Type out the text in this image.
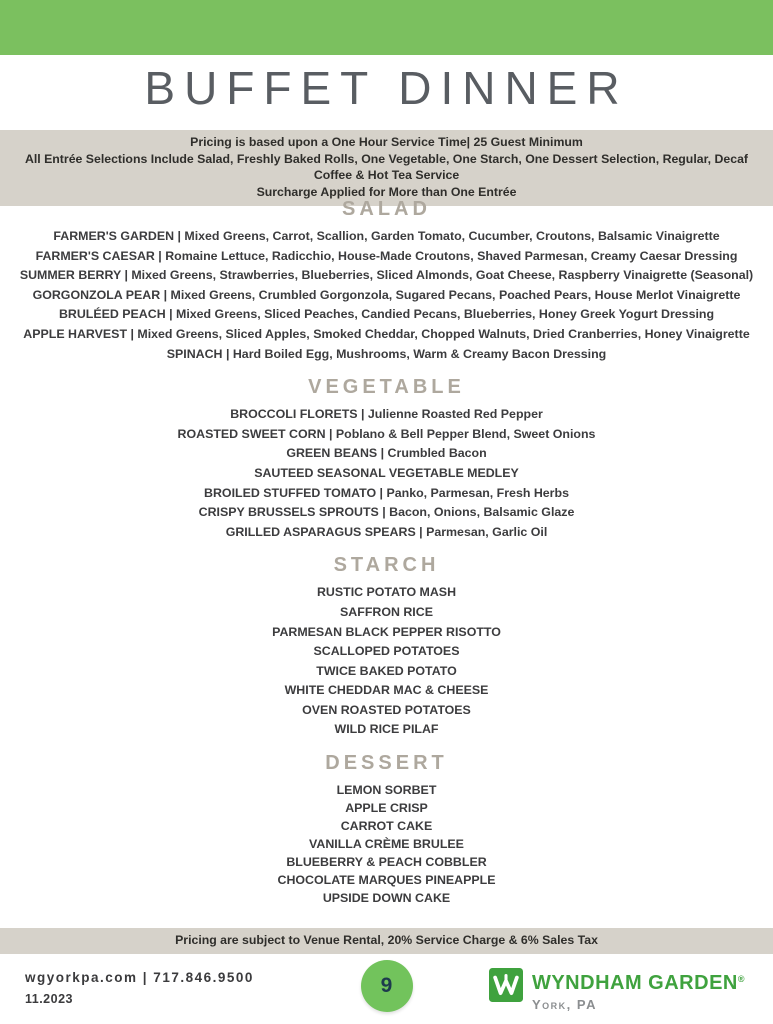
BUFFET DINNER

Pricing is based upon a One Hour Service Time| 25 Guest Minimum

All Entrée Selections Include Salad, Freshly Baked Rolls, One Vegetable, One Starch, One Dessert Selection, Regular, Decaf Coffee & Hot Tea Service

Surcharge Applied for More than One Entrée

SALAD

FARMER'S GARDEN | Mixed Greens, Carrot, Scallion, Garden Tomato, Cucumber, Croutons, Balsamic Vinaigrette

FARMER'S CAESAR | Romaine Lettuce, Radicchio, House-Made Croutons, Shaved Parmesan, Creamy Caesar Dressing

SUMMER BERRY | Mixed Greens, Strawberries, Blueberries, Sliced Almonds, Goat Cheese, Raspberry Vinaigrette (Seasonal)

GORGONZOLA PEAR | Mixed Greens, Crumbled Gorgonzola, Sugared Pecans, Poached Pears, House Merlot Vinaigrette

BRULÉED PEACH | Mixed Greens, Sliced Peaches, Candied Pecans, Blueberries, Honey Greek Yogurt Dressing

APPLE HARVEST | Mixed Greens, Sliced Apples, Smoked Cheddar, Chopped Walnuts, Dried Cranberries, Honey Vinaigrette

SPINACH | Hard Boiled Egg, Mushrooms, Warm & Creamy Bacon Dressing

VEGETABLE

BROCCOLI FLORETS | Julienne Roasted Red Pepper

ROASTED SWEET CORN | Poblano & Bell Pepper Blend, Sweet Onions

GREEN BEANS | Crumbled Bacon

SAUTEED SEASONAL VEGETABLE MEDLEY

BROILED STUFFED TOMATO | Panko, Parmesan, Fresh Herbs

CRISPY BRUSSELS SPROUTS | Bacon, Onions, Balsamic Glaze

GRILLED ASPARAGUS SPEARS | Parmesan, Garlic Oil

STARCH

RUSTIC POTATO MASH

SAFFRON RICE

PARMESAN BLACK PEPPER RISOTTO

SCALLOPED POTATOES

TWICE BAKED POTATO

WHITE CHEDDAR MAC & CHEESE

OVEN ROASTED POTATOES

WILD RICE PILAF

DESSERT

LEMON SORBET

APPLE CRISP

CARROT CAKE

VANILLA CRÈME BRULEE

BLUEBERRY & PEACH COBBLER

CHOCOLATE MARQUES PINEAPPLE

UPSIDE DOWN CAKE

Pricing are subject to Venue Rental, 20% Service Charge & 6% Sales Tax

wgyorkpa.com | 717.846.9500
11.2023
9	WYNDHAM GARDEN®
York, PA
